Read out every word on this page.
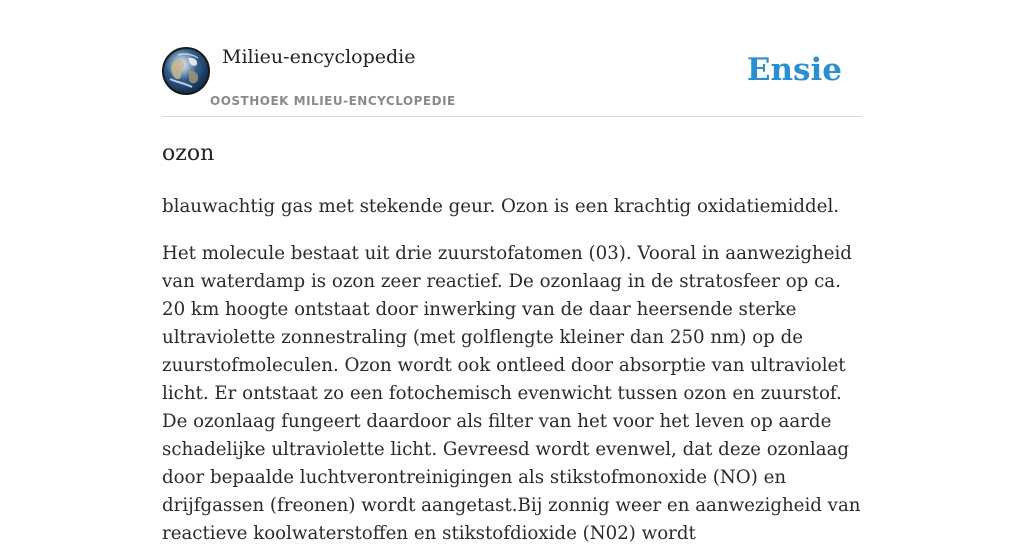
Milieu-encyclopedie
OOSTHOEK MILIEU-ENCYCLOPEDIE
Ensie
ozon

blauwachtig gas met stekende geur. Ozon is een krachtig oxidatiemiddel.

Het molecule bestaat uit drie zuurstofatomen (03). Vooral in aanwezigheid van waterdamp is ozon zeer reactief. De ozonlaag in de stratosfeer op ca. 20 km hoogte ontstaat door inwerking van de daar heersende sterke ultraviolette zonnestraling (met golflengte kleiner dan 250 nm) op de zuurstofmoleculen. Ozon wordt ook ontleed door absorptie van ultraviolet licht. Er ontstaat zo een fotochemisch evenwicht tussen ozon en zuurstof. De ozonlaag fungeert daardoor als filter van het voor het leven op aarde schadelijke ultraviolette licht. Gevreesd wordt evenwel, dat deze ozonlaag door bepaalde luchtverontreinigingen als stikstofmonoxide (NO) en drijfgassen (freonen) wordt aangetast.Bij zonnig weer en aanwezigheid van reactieve koolwaterstoffen en stikstofdioxide (N02) wordt
